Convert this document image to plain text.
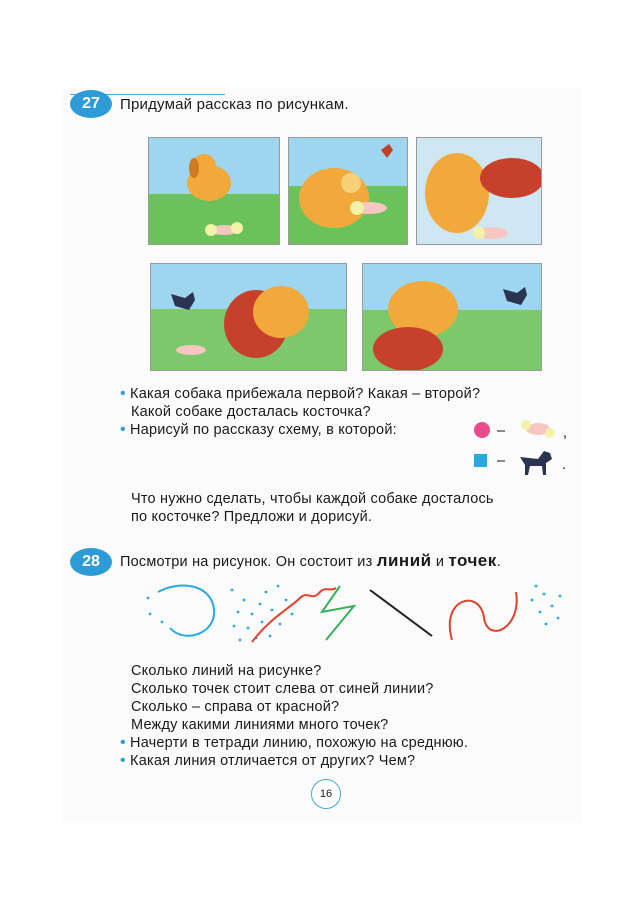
27 Придумай рассказ по рисункам.
• Какая собака прибежала первой? Какая – второй?
Какой собаке досталась косточка?
• Нарисуй по рассказу схему, в которой:	–	,
–	.
Что нужно сделать, чтобы каждой собаке досталось
по косточке? Предложи и дорисуй.
28 Посмотри на рисунок. Он состоит из линий и точек.
Сколько линий на рисунке?
Сколько точек стоит слева от синей линии?
Сколько – справа от красной?
Между какими линиями много точек?
• Начерти в тетради линию, похожую на среднюю.
• Какая линия отличается от других? Чем?
16
